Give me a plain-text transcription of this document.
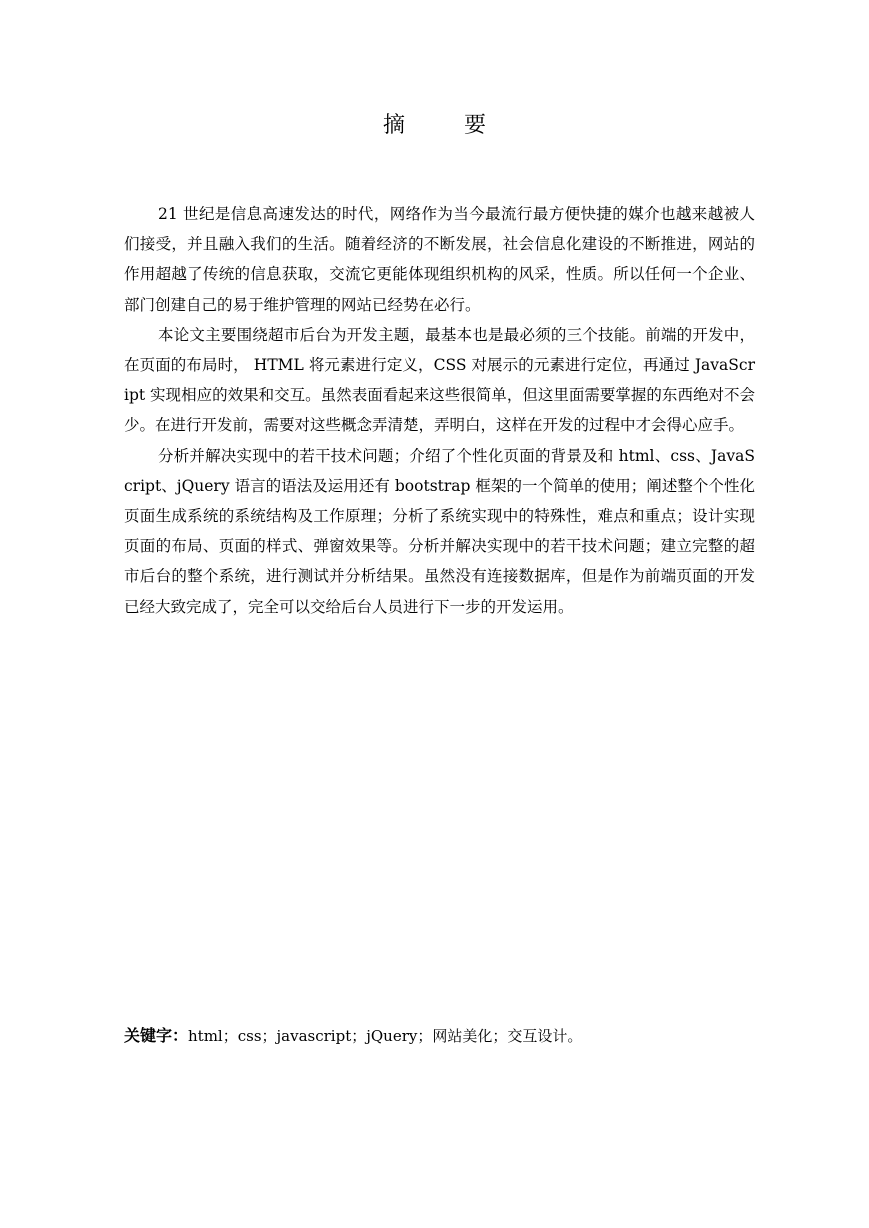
摘 要

21 世纪是信息高速发达的时代，网络作为当今最流行最方便快捷的媒介也越来越被人们接受，并且融入我们的生活。随着经济的不断发展，社会信息化建设的不断推进，网站的作用超越了传统的信息获取，交流它更能体现组织机构的风采，性质。所以任何一个企业、部门创建自己的易于维护管理的网站已经势在必行。

本论文主要围绕超市后台为开发主题，最基本也是最必须的三个技能。前端的开发中，在页面的布局时， HTML 将元素进行定义，CSS 对展示的元素进行定位，再通过 JavaScript 实现相应的效果和交互。虽然表面看起来这些很简单，但这里面需要掌握的东西绝对不会少。在进行开发前，需要对这些概念弄清楚，弄明白，这样在开发的过程中才会得心应手。

分析并解决实现中的若干技术问题；介绍了个性化页面的背景及和 html、css、JavaScript、jQuery 语言的语法及运用还有 bootstrap 框架的一个简单的使用；阐述整个个性化页面生成系统的系统结构及工作原理；分析了系统实现中的特殊性，难点和重点；设计实现页面的布局、页面的样式、弹窗效果等。分析并解决实现中的若干技术问题；建立完整的超市后台的整个系统，进行测试并分析结果。虽然没有连接数据库，但是作为前端页面的开发已经大致完成了，完全可以交给后台人员进行下一步的开发运用。

关键字：html；css；javascript；jQuery；网站美化；交互设计。
